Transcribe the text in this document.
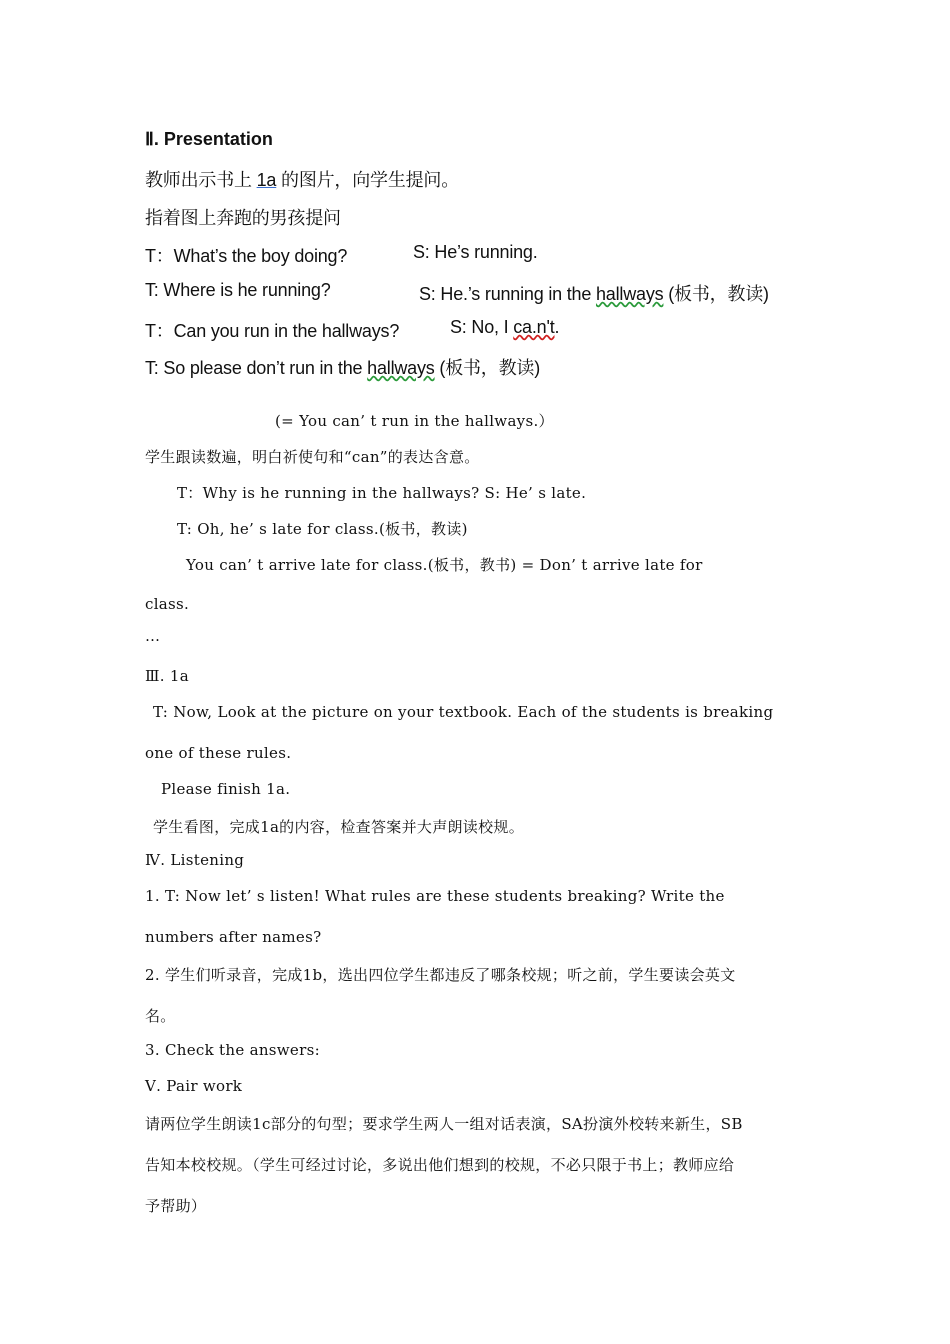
Ⅱ. Presentation
教师出示书上 1a 的图片，向学生提问。
指着图上奔跑的男孩提问
T：What’s the boy doing?	S: He’s running.
T: Where is he running?	S: He.’s running in the hallways (板书，教读)
T：Can you run in the hallways?	S: No, I ca.n't.
T: So please don’t run in the hallways (板书，教读)
(= You can’ t run in the hallways.）
学生跟读数遍，明白祈使句和“can”的表达含意。
T：Why is he running in the hallways? S: He’ s late.
T: Oh, he’ s late for class.(板书，教读)
You can’ t arrive late for class.(板书，教书) = Don’ t arrive late for
class.
…
Ⅲ. 1a
T: Now, Look at the picture on your textbook. Each of the students is breaking
one of these rules.
Please finish 1a.
学生看图，完成1a的内容，检查答案并大声朗读校规。
Ⅳ. Listening
1. T: Now let’ s listen! What rules are these students breaking? Write the
numbers after names?
2. 学生们听录音，完成1b，选出四位学生都违反了哪条校规；听之前，学生要读会英文
名。
3. Check the answers:
Ⅴ. Pair work
请两位学生朗读1c部分的句型；要求学生两人一组对话表演，SA扮演外校转来新生，SB
告知本校校规。（学生可经过讨论，多说出他们想到的校规，不必只限于书上；教师应给
予帮助）
